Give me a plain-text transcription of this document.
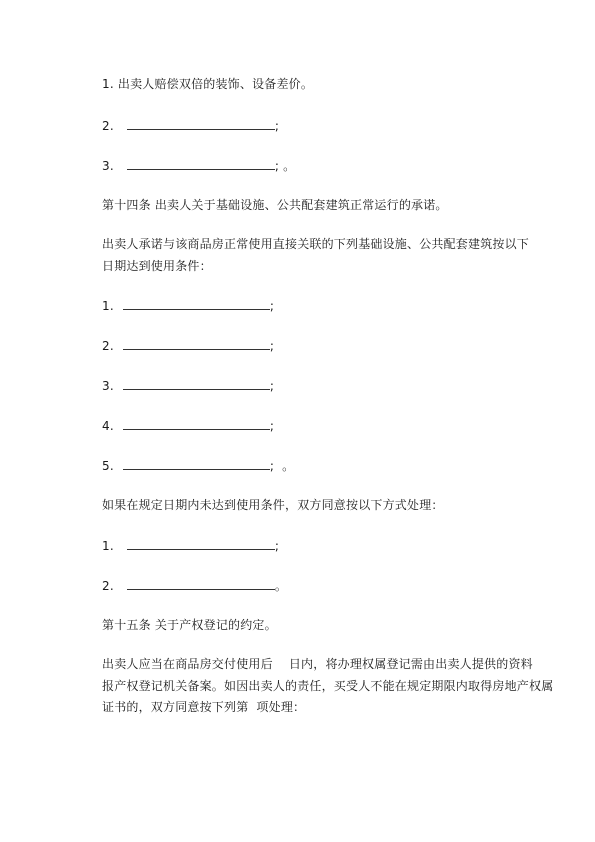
1. 出卖人赔偿双倍的装饰、设备差价。
2.	;
3.	; 。
第十四条 出卖人关于基础设施、公共配套建筑正常运行的承诺。
出卖人承诺与该商品房正常使用直接关联的下列基础设施、公共配套建筑按以下
日期达到使用条件：
1.	;
2.	;
3.	;
4.	;
5.	;  。
如果在规定日期内未达到使用条件，双方同意按以下方式处理：
1.	;
2.	。
第十五条 关于产权登记的约定。
出卖人应当在商品房交付使用后    日内，将办理权属登记需由出卖人提供的资料
报产权登记机关备案。如因出卖人的责任，买受人不能在规定期限内取得房地产权属
证书的，双方同意按下列第  项处理：
